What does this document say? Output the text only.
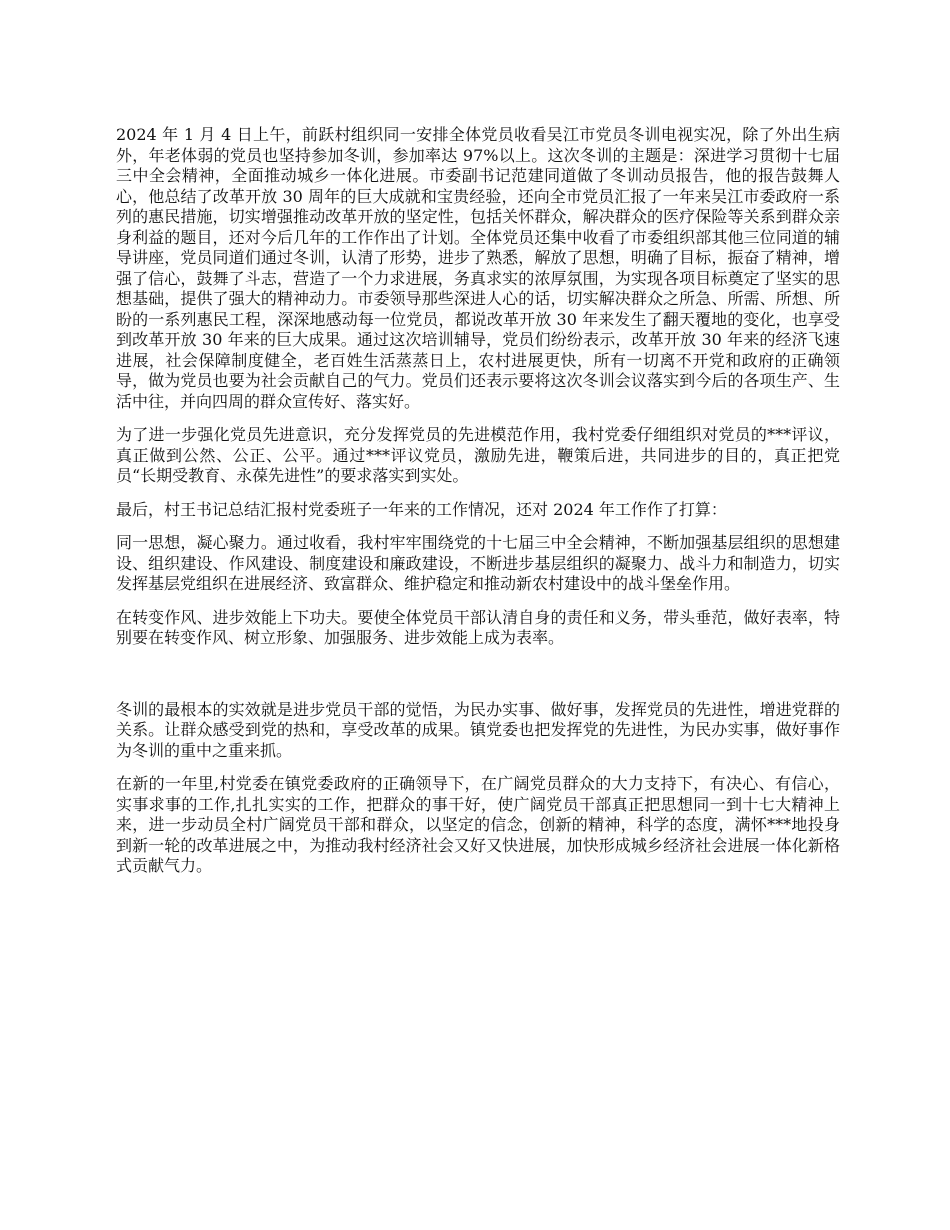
2024 年 1 月 4 日上午，前跃村组织同一安排全体党员收看吴江市党员冬训电视实况，除了外出生病外，年老体弱的党员也坚持参加冬训，参加率达 97%以上。这次冬训的主题是：深进学习贯彻十七届三中全会精神，全面推动城乡一体化进展。市委副书记范建同道做了冬训动员报告，他的报告鼓舞人心，他总结了改革开放 30 周年的巨大成就和宝贵经验，还向全市党员汇报了一年来吴江市委政府一系列的惠民措施，切实增强推动改革开放的坚定性，包括关怀群众，解决群众的医疗保险等关系到群众亲身利益的题目，还对今后几年的工作作出了计划。全体党员还集中收看了市委组织部其他三位同道的辅导讲座，党员同道们通过冬训，认清了形势，进步了熟悉，解放了思想，明确了目标，振奋了精神，增强了信心，鼓舞了斗志，营造了一个力求进展，务真求实的浓厚氛围，为实现各项目标奠定了坚实的思想基础，提供了强大的精神动力。市委领导那些深进人心的话，切实解决群众之所急、所需、所想、所盼的一系列惠民工程，深深地感动每一位党员，都说改革开放 30 年来发生了翻天覆地的变化，也享受到改革开放 30 年来的巨大成果。通过这次培训辅导，党员们纷纷表示，改革开放 30 年来的经济飞速进展，社会保障制度健全，老百姓生活蒸蒸日上，农村进展更快，所有一切离不开党和政府的正确领导，做为党员也要为社会贡献自己的气力。党员们还表示要将这次冬训会议落实到今后的各项生产、生活中往，并向四周的群众宣传好、落实好。

为了进一步强化党员先进意识，充分发挥党员的先进模范作用，我村党委仔细组织对党员的***评议，真正做到公然、公正、公平。通过***评议党员，激励先进，鞭策后进，共同进步的目的，真正把党员“长期受教育、永葆先进性”的要求落实到实处。

最后，村王书记总结汇报村党委班子一年来的工作情况，还对 2024 年工作作了打算：

同一思想，凝心聚力。通过收看，我村牢牢围绕党的十七届三中全会精神，不断加强基层组织的思想建设、组织建设、作风建设、制度建设和廉政建设，不断进步基层组织的凝聚力、战斗力和制造力，切实发挥基层党组织在进展经济、致富群众、维护稳定和推动新农村建设中的战斗堡垒作用。

在转变作风、进步效能上下功夫。要使全体党员干部认清自身的责任和义务，带头垂范，做好表率，特别要在转变作风、树立形象、加强服务、进步效能上成为表率。

冬训的最根本的实效就是进步党员干部的觉悟，为民办实事、做好事，发挥党员的先进性，增进党群的关系。让群众感受到党的热和，享受改革的成果。镇党委也把发挥党的先进性，为民办实事，做好事作为冬训的重中之重来抓。

在新的一年里,村党委在镇党委政府的正确领导下，在广阔党员群众的大力支持下，有决心、有信心，实事求事的工作,扎扎实实的工作，把群众的事干好，使广阔党员干部真正把思想同一到十七大精神上来，进一步动员全村广阔党员干部和群众，以坚定的信念，创新的精神，科学的态度，满怀***地投身到新一轮的改革进展之中，为推动我村经济社会又好又快进展，加快形成城乡经济社会进展一体化新格式贡献气力。
